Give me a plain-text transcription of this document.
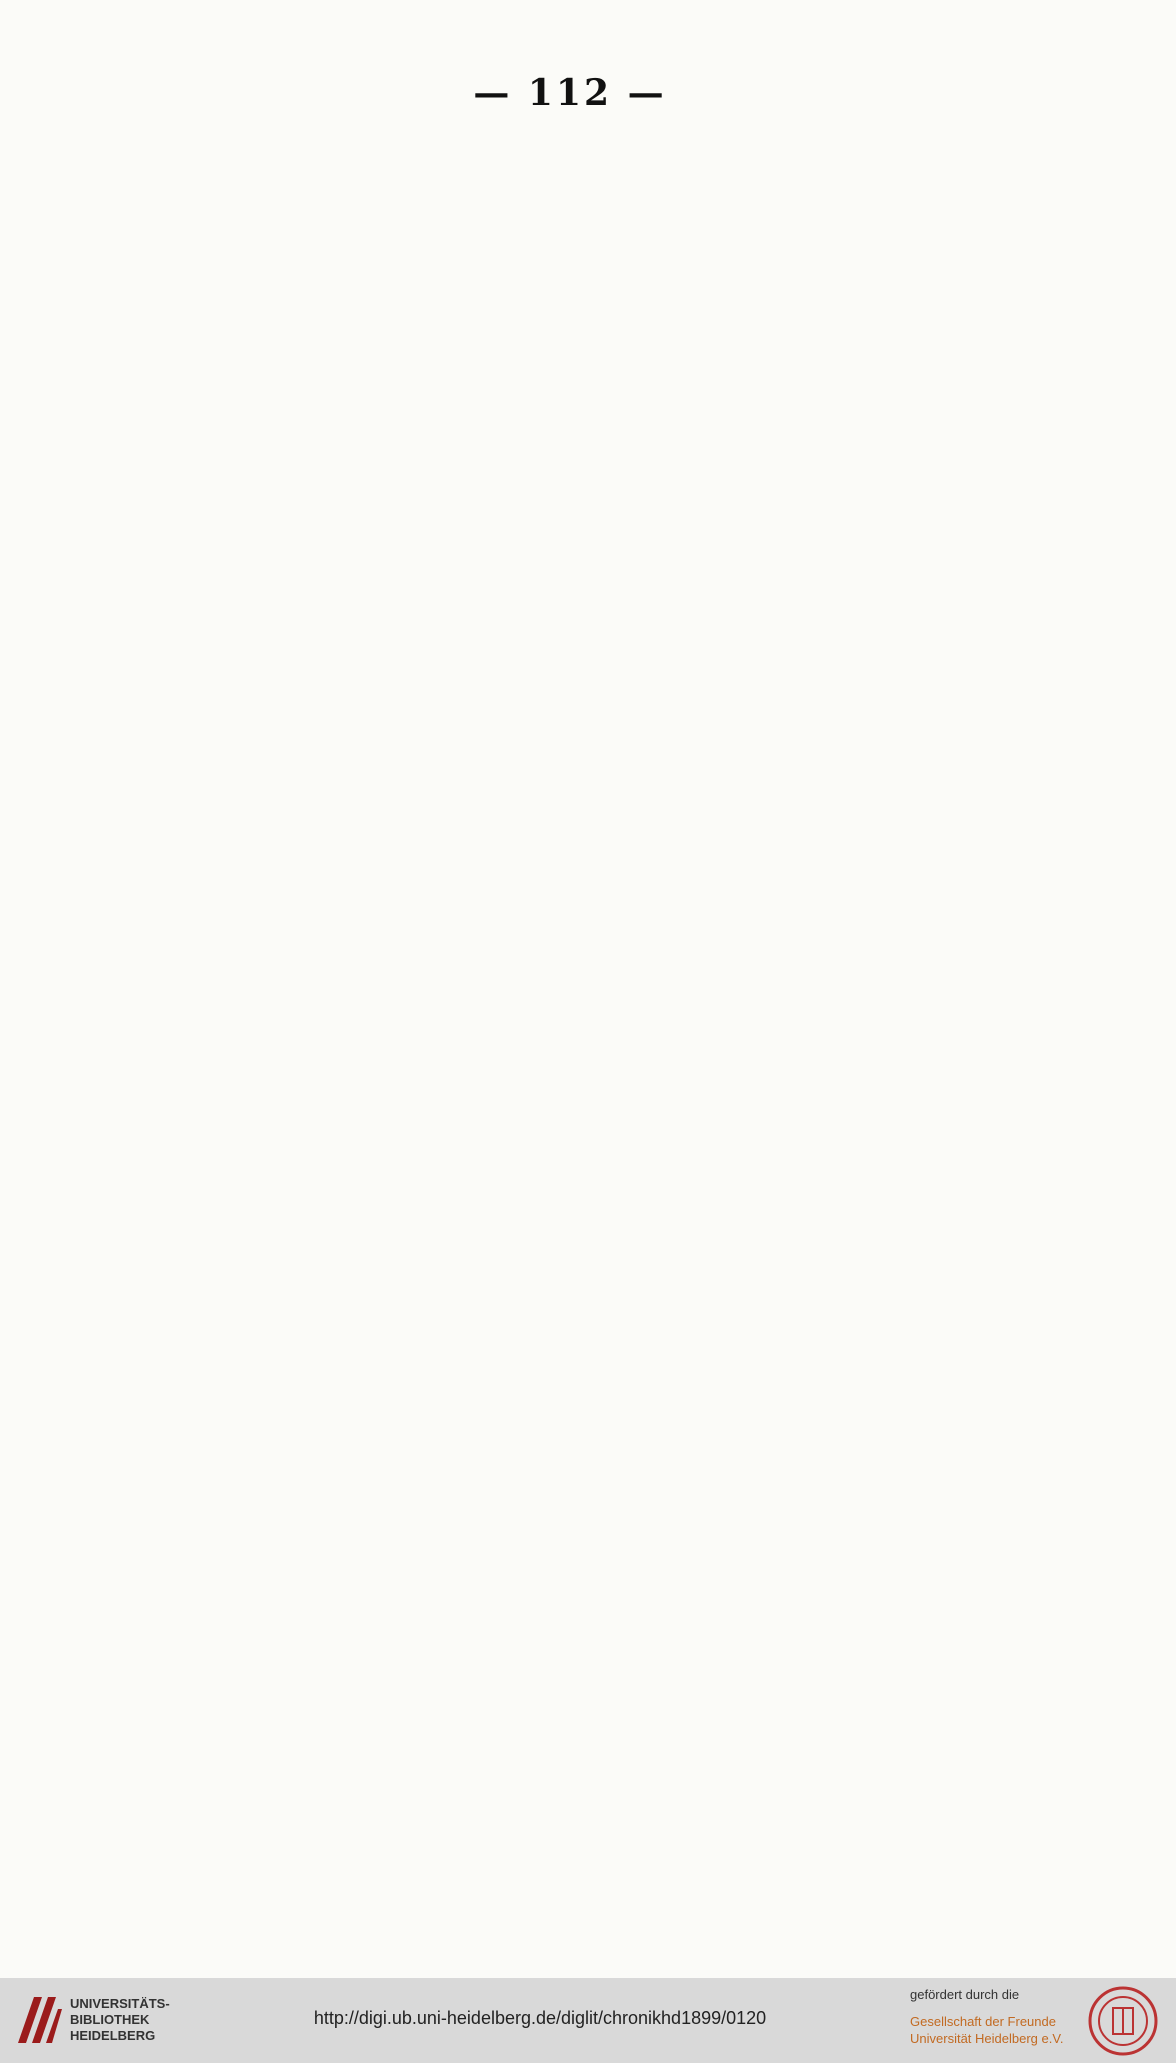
— 112 —

UNIVERSITÄTS-
BIBLIOTHEK
HEIDELBERG
http://digi.ub.uni-heidelberg.de/diglit/chronikhd1899/0120
gefördert durch die
Gesellschaft der Freunde
Universität Heidelberg e.V.
